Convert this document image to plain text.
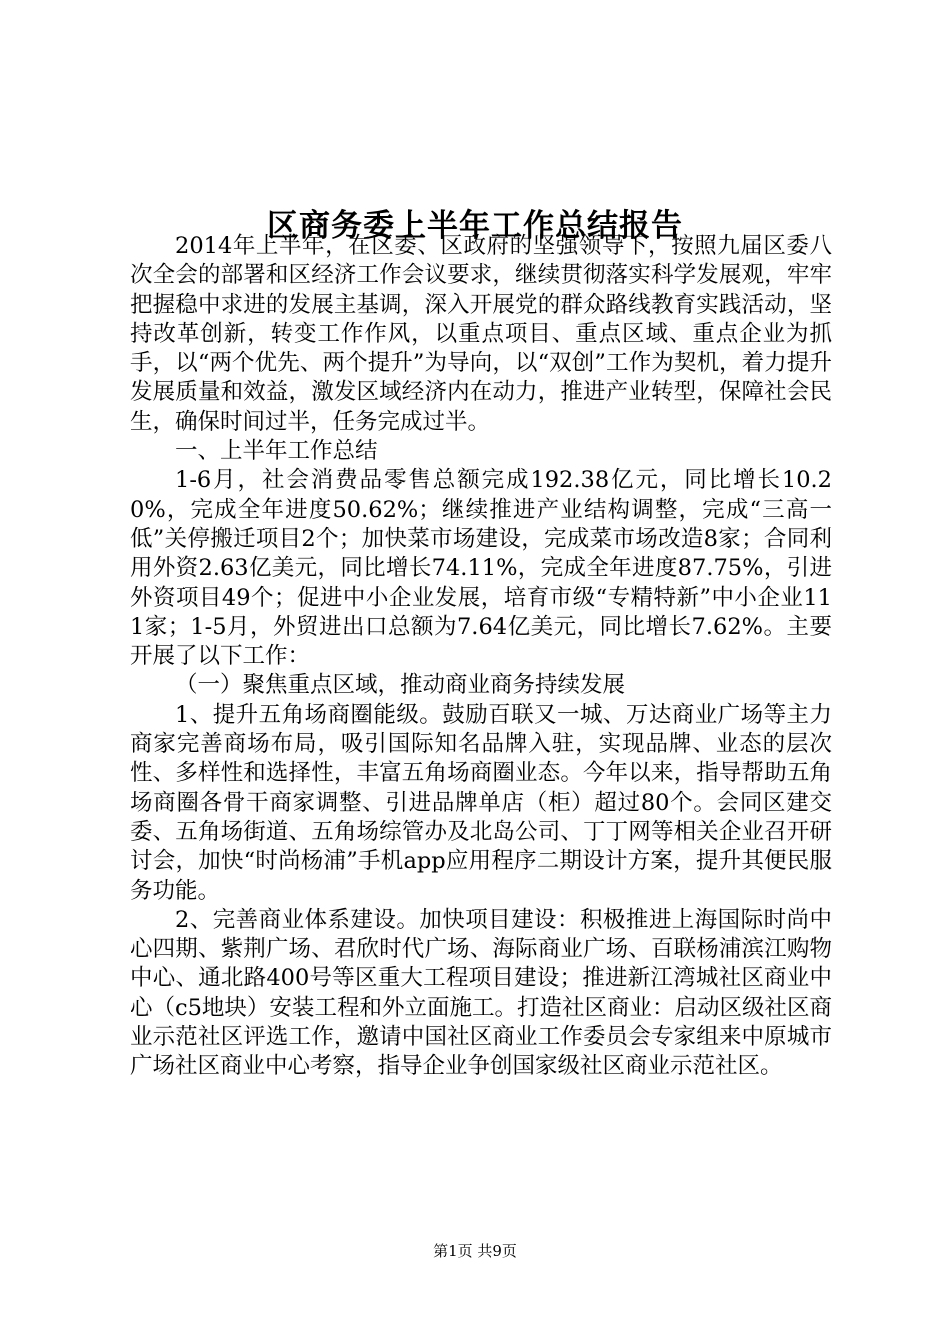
区商务委上半年工作总结报告

2014年上半年，在区委、区政府的坚强领导下，按照九届区委八次全会的部署和区经济工作会议要求，继续贯彻落实科学发展观，牢牢把握稳中求进的发展主基调，深入开展党的群众路线教育实践活动，坚持改革创新，转变工作作风，以重点项目、重点区域、重点企业为抓手，以“两个优先、两个提升”为导向，以“双创”工作为契机，着力提升发展质量和效益，激发区域经济内在动力，推进产业转型，保障社会民生，确保时间过半，任务完成过半。

一、上半年工作总结

1-6月，社会消费品零售总额完成192.38亿元，同比增长10.20%，完成全年进度50.62%；继续推进产业结构调整，完成“三高一低”关停搬迁项目2个；加快菜市场建设，完成菜市场改造8家；合同利用外资2.63亿美元，同比增长74.11%，完成全年进度87.75%，引进外资项目49个；促进中小企业发展，培育市级“专精特新”中小企业111家；1-5月，外贸进出口总额为7.64亿美元，同比增长7.62%。主要开展了以下工作：

（一）聚焦重点区域，推动商业商务持续发展

1、提升五角场商圈能级。鼓励百联又一城、万达商业广场等主力商家完善商场布局，吸引国际知名品牌入驻，实现品牌、业态的层次性、多样性和选择性，丰富五角场商圈业态。今年以来，指导帮助五角场商圈各骨干商家调整、引进品牌单店（柜）超过80个。会同区建交委、五角场街道、五角场综管办及北岛公司、丁丁网等相关企业召开研讨会，加快“时尚杨浦”手机app应用程序二期设计方案，提升其便民服务功能。

2、完善商业体系建设。加快项目建设：积极推进上海国际时尚中心四期、紫荆广场、君欣时代广场、海际商业广场、百联杨浦滨江购物中心、通北路400号等区重大工程项目建设；推进新江湾城社区商业中心（c5地块）安装工程和外立面施工。打造社区商业：启动区级社区商业示范社区评选工作，邀请中国社区商业工作委员会专家组来中原城市广场社区商业中心考察，指导企业争创国家级社区商业示范社区。

第1页 共9页
